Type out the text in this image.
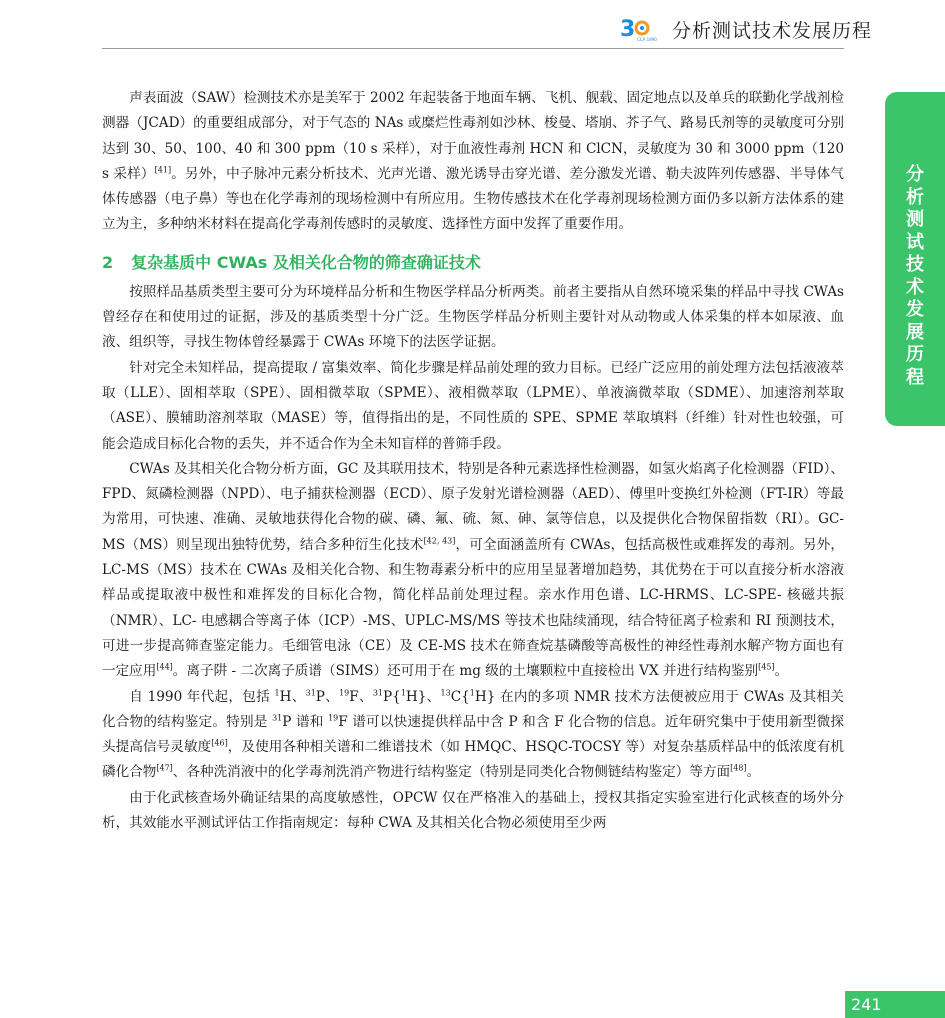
3 CCA 1990 分析测试技术发展历程
分
析
测
试
技
术
发
展
历
程

声表面波（SAW）检测技术亦是美军于 2002 年起装备于地面车辆、飞机、舰载、固定地点以及单兵的联勤化学战剂检测器（JCAD）的重要组成部分，对于气态的 NAs 或糜烂性毒剂如沙林、梭曼、塔崩、芥子气、路易氏剂等的灵敏度可分别达到 30、50、100、40 和 300 ppm（10 s 采样），对于血液性毒剂 HCN 和 ClCN，灵敏度为 30 和 3000 ppm（120 s 采样）[41]。另外，中子脉冲元素分析技术、光声光谱、激光诱导击穿光谱、差分激发光谱、勒夫波阵列传感器、半导体气体传感器（电子鼻）等也在化学毒剂的现场检测中有所应用。生物传感技术在化学毒剂现场检测方面仍多以新方法体系的建立为主，多种纳米材料在提高化学毒剂传感时的灵敏度、选择性方面中发挥了重要作用。

2 复杂基质中 CWAs 及相关化合物的筛查确证技术

按照样品基质类型主要可分为环境样品分析和生物医学样品分析两类。前者主要指从自然环境采集的样品中寻找 CWAs 曾经存在和使用过的证据，涉及的基质类型十分广泛。生物医学样品分析则主要针对从动物或人体采集的样本如尿液、血液、组织等，寻找生物体曾经暴露于 CWAs 环境下的法医学证据。

针对完全未知样品，提高提取 / 富集效率、简化步骤是样品前处理的致力目标。已经广泛应用的前处理方法包括液液萃取（LLE）、固相萃取（SPE）、固相微萃取（SPME）、液相微萃取（LPME）、单液滴微萃取（SDME）、加速溶剂萃取（ASE）、膜辅助溶剂萃取（MASE）等，值得指出的是，不同性质的 SPE、SPME 萃取填料（纤维）针对性也较强，可能会造成目标化合物的丢失，并不适合作为全未知盲样的普筛手段。

CWAs 及其相关化合物分析方面，GC 及其联用技术，特别是各种元素选择性检测器，如氢火焰离子化检测器（FID）、FPD、氮磷检测器（NPD）、电子捕获检测器（ECD）、原子发射光谱检测器（AED）、傅里叶变换红外检测（FT-IR）等最为常用，可快速、准确、灵敏地获得化合物的碳、磷、氟、硫、氮、砷、氯等信息，以及提供化合物保留指数（RI）。GC-MS（MS）则呈现出独特优势，结合多种衍生化技术[42, 43]，可全面涵盖所有 CWAs，包括高极性或难挥发的毒剂。另外，LC-MS（MS）技术在 CWAs 及相关化合物、和生物毒素分析中的应用呈显著增加趋势，其优势在于可以直接分析水溶液样品或提取液中极性和难挥发的目标化合物，简化样品前处理过程。亲水作用色谱、LC-HRMS、LC-SPE- 核磁共振（NMR）、LC- 电感耦合等离子体（ICP）-MS、UPLC-MS/MS 等技术也陆续涌现，结合特征离子检索和 RI 预测技术，可进一步提高筛查鉴定能力。毛细管电泳（CE）及 CE-MS 技术在筛查烷基磷酸等高极性的神经性毒剂水解产物方面也有一定应用[44]。离子阱 - 二次离子质谱（SIMS）还可用于在 mg 级的土壤颗粒中直接检出 VX 并进行结构鉴别[45]。

自 1990 年代起，包括 $^1$H、$^{31}$P、$^{19}$F、$^{31}$P{$^1$H}、$^{13}$C{$^1$H} 在内的多项 NMR 技术方法便被应用于 CWAs 及其相关化合物的结构鉴定。特别是 $^{31}$P 谱和 $^{19}$F 谱可以快速提供样品中含 P 和含 F 化合物的信息。近年研究集中于使用新型微探头提高信号灵敏度[46]，及使用各种相关谱和二维谱技术（如 HMQC、HSQC-TOCSY 等）对复杂基质样品中的低浓度有机磷化合物[47]、各种洗消液中的化学毒剂洗消产物进行结构鉴定（特别是同类化合物侧链结构鉴定）等方面[48]。

由于化武核查场外确证结果的高度敏感性，OPCW 仅在严格准入的基础上，授权其指定实验室进行化武核查的场外分析，其效能水平测试评估工作指南规定：每种 CWA 及其相关化合物必须使用至少两

241
